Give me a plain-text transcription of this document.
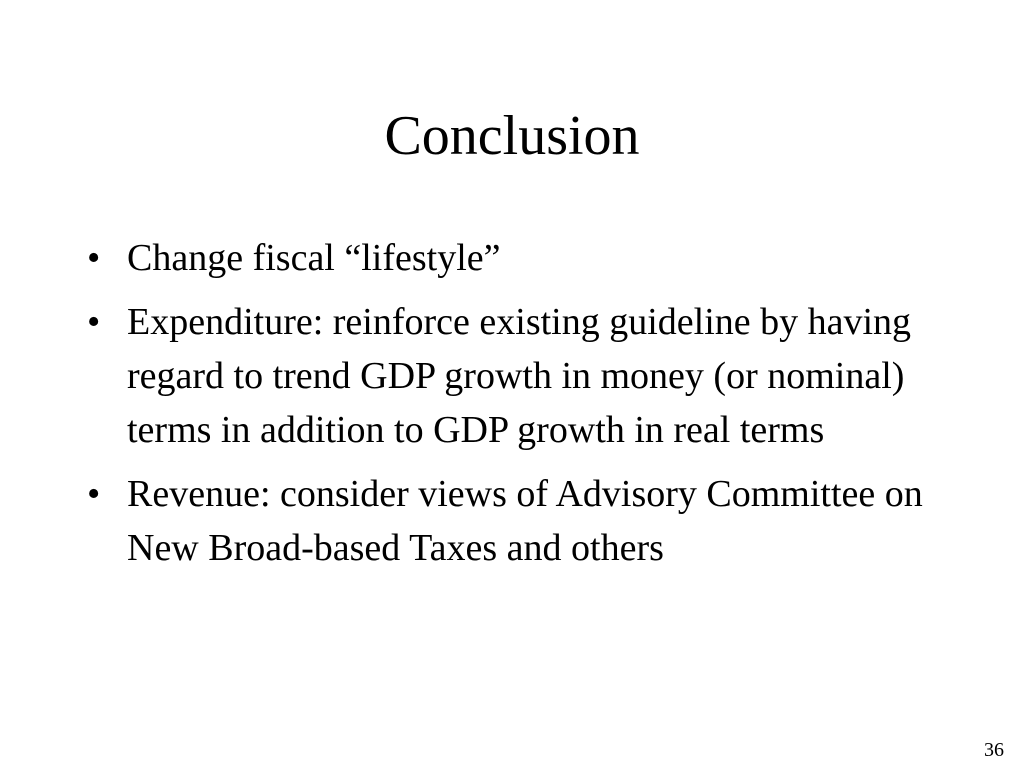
Conclusion
• Change fiscal “lifestyle”
• Expenditure: reinforce existing guideline by having regard to trend GDP growth in money (or nominal) terms in addition to GDP growth in real terms
• Revenue: consider views of Advisory Committee on New Broad-based Taxes and others
36
